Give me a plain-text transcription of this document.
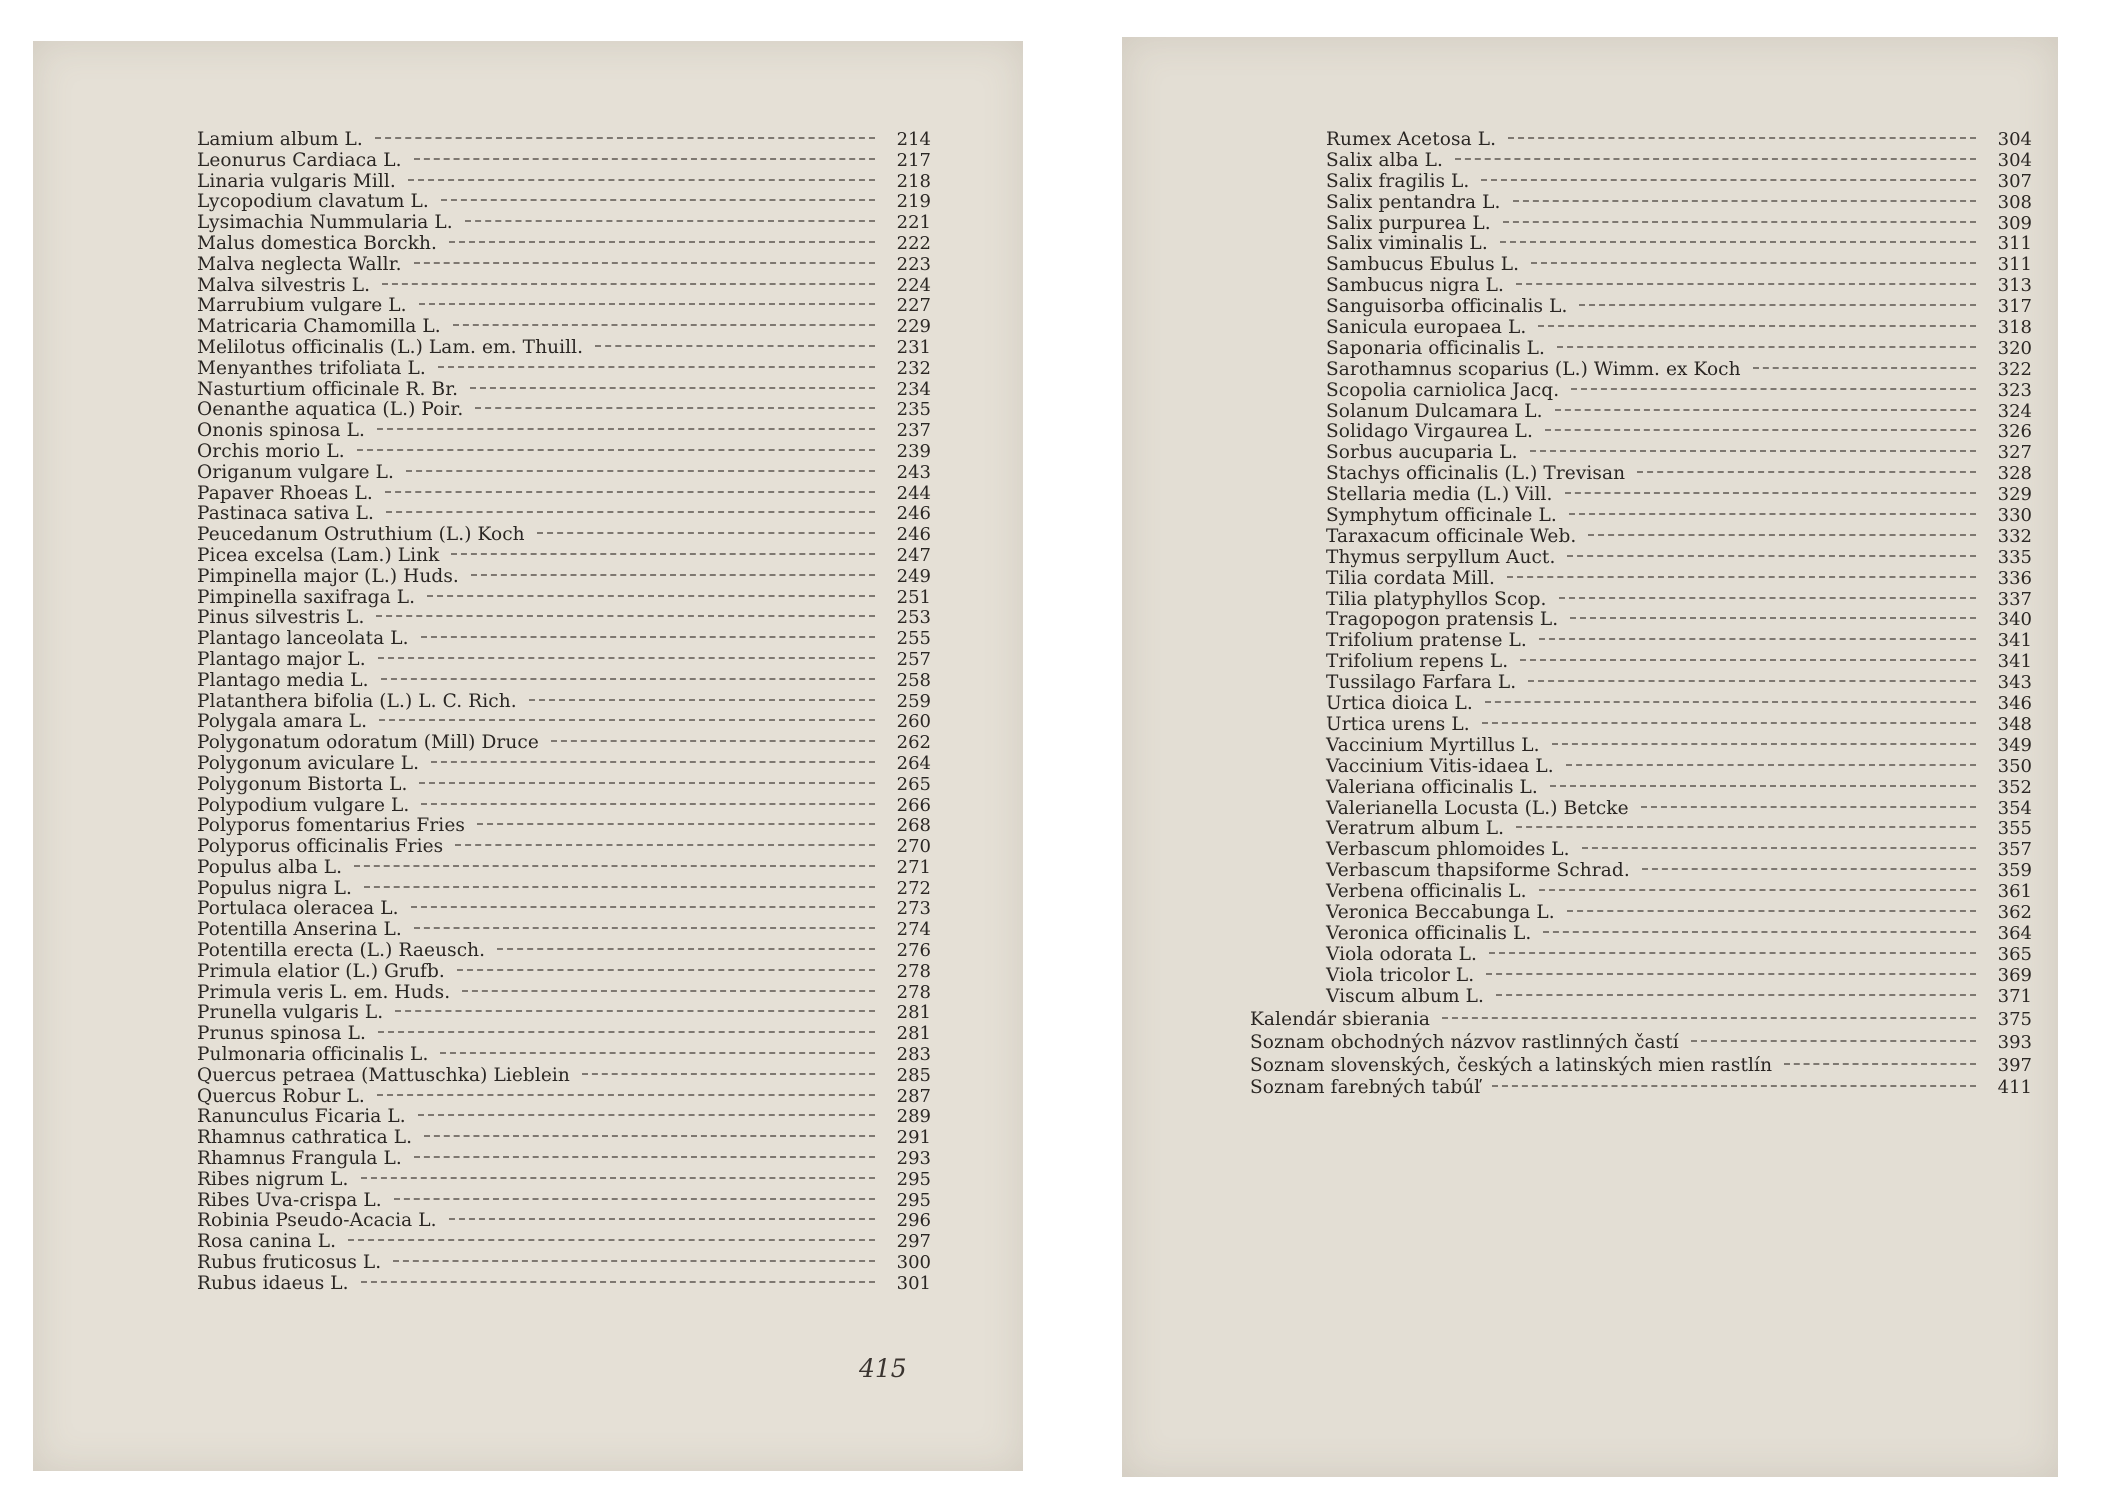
Lamium album L.	214
Leonurus Cardiaca L.	217
Linaria vulgaris Mill.	218
Lycopodium clavatum L.	219
Lysimachia Nummularia L.	221
Malus domestica Borckh.	222
Malva neglecta Wallr.	223
Malva silvestris L.	224
Marrubium vulgare L.	227
Matricaria Chamomilla L.	229
Melilotus officinalis (L.) Lam. em. Thuill.	231
Menyanthes trifoliata L.	232
Nasturtium officinale R. Br.	234
Oenanthe aquatica (L.) Poir.	235
Ononis spinosa L.	237
Orchis morio L.	239
Origanum vulgare L.	243
Papaver Rhoeas L.	244
Pastinaca sativa L.	246
Peucedanum Ostruthium (L.) Koch	246
Picea excelsa (Lam.) Link	247
Pimpinella major (L.) Huds.	249
Pimpinella saxifraga L.	251
Pinus silvestris L.	253
Plantago lanceolata L.	255
Plantago major L.	257
Plantago media L.	258
Platanthera bifolia (L.) L. C. Rich.	259
Polygala amara L.	260
Polygonatum odoratum (Mill) Druce	262
Polygonum aviculare L.	264
Polygonum Bistorta L.	265
Polypodium vulgare L.	266
Polyporus fomentarius Fries	268
Polyporus officinalis Fries	270
Populus alba L.	271
Populus nigra L.	272
Portulaca oleracea L.	273
Potentilla Anserina L.	274
Potentilla erecta (L.) Raeusch.	276
Primula elatior (L.) Grufb.	278
Primula veris L. em. Huds.	278
Prunella vulgaris L.	281
Prunus spinosa L.	281
Pulmonaria officinalis L.	283
Quercus petraea (Mattuschka) Lieblein	285
Quercus Robur L.	287
Ranunculus Ficaria L.	289
Rhamnus cathratica L.	291
Rhamnus Frangula L.	293
Ribes nigrum L.	295
Ribes Uva-crispa L.	295
Robinia Pseudo-Acacia L.	296
Rosa canina L.	297
Rubus fruticosus L.	300
Rubus idaeus L.	301
415
Rumex Acetosa L.	304
Salix alba L.	304
Salix fragilis L.	307
Salix pentandra L.	308
Salix purpurea L.	309
Salix viminalis L.	311
Sambucus Ebulus L.	311
Sambucus nigra L.	313
Sanguisorba officinalis L.	317
Sanicula europaea L.	318
Saponaria officinalis L.	320
Sarothamnus scoparius (L.) Wimm. ex Koch	322
Scopolia carniolica Jacq.	323
Solanum Dulcamara L.	324
Solidago Virgaurea L.	326
Sorbus aucuparia L.	327
Stachys officinalis (L.) Trevisan	328
Stellaria media (L.) Vill.	329
Symphytum officinale L.	330
Taraxacum officinale Web.	332
Thymus serpyllum Auct.	335
Tilia cordata Mill.	336
Tilia platyphyllos Scop.	337
Tragopogon pratensis L.	340
Trifolium pratense L.	341
Trifolium repens L.	341
Tussilago Farfara L.	343
Urtica dioica L.	346
Urtica urens L.	348
Vaccinium Myrtillus L.	349
Vaccinium Vitis-idaea L.	350
Valeriana officinalis L.	352
Valerianella Locusta (L.) Betcke	354
Veratrum album L.	355
Verbascum phlomoides L.	357
Verbascum thapsiforme Schrad.	359
Verbena officinalis L.	361
Veronica Beccabunga L.	362
Veronica officinalis L.	364
Viola odorata L.	365
Viola tricolor L.	369
Viscum album L.	371
Kalendár sbierania	375
Soznam obchodných názvov rastlinných častí	393
Soznam slovenských, českých a latinských mien rastlín	397
Soznam farebných tabúľ	411
